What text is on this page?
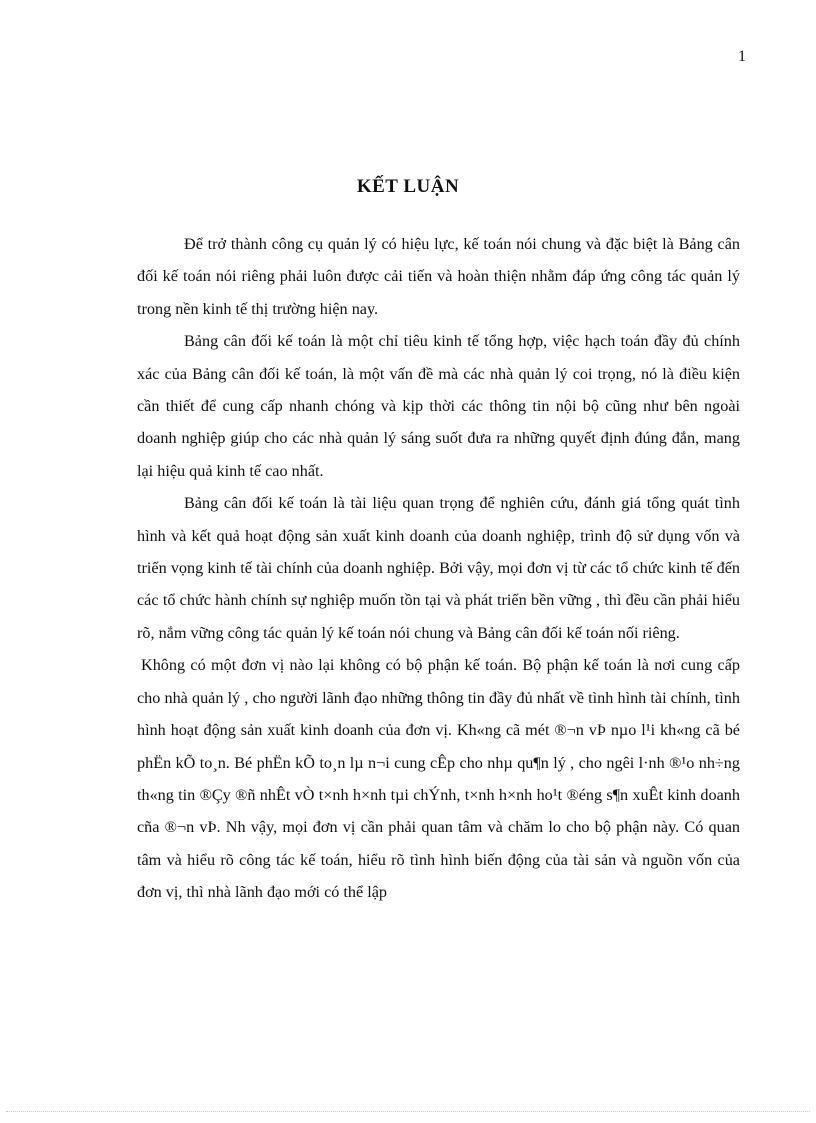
1
KẾT LUẬN

Để trở thành công cụ quản lý có hiệu lực, kế toán nói chung và đặc biệt là Bảng cân đối kế toán nói riêng phải luôn được cải tiến và hoàn thiện nhằm đáp ứng công tác quản lý trong nền kinh tế thị trường hiện nay.

Bảng cân đối kế toán là một chỉ tiêu kinh tế tổng hợp, việc hạch toán đầy đủ chính xác của Bảng cân đối kế toán, là một vấn đề mà các nhà quản lý coi trọng, nó là điều kiện cần thiết để cung cấp nhanh chóng và kịp thời các thông tin nội bộ cũng như bên ngoài doanh nghiệp giúp cho các nhà quản lý sáng suốt đưa ra những quyết định đúng đắn, mang lại hiệu quả kinh tế cao nhất.

Bảng cân đối kế toán là tài liệu quan trọng để nghiên cứu, đánh giá tổng quát tình hình và kết quả hoạt động sản xuất kinh doanh của doanh nghiệp, trình độ sử dụng vốn và triển vọng kinh tế tài chính của doanh nghiệp. Bởi vậy, mọi đơn vị từ các tổ chức kinh tế đến các tổ chức hành chính sự nghiệp muốn tồn tại và phát triển bền vững , thì đều cần phải hiểu rõ, nắm vững công tác quản lý kế toán nói chung và Bảng cân đối kế toán nối riêng.

Không có một đơn vị nào lại không có bộ phận kế toán. Bộ phận kế toán là nơi cung cấp cho nhà quản lý , cho người lãnh đạo những thông tin đầy đủ nhất về tình hình tài chính, tình hình hoạt động sản xuất kinh doanh của đơn vị. Kh«ng cã mét ®¬n vÞ nµo l¹i kh«ng cã bé phËn kÕ to¸n. Bé phËn kÕ to¸n lµ n¬i cung cÊp cho nhµ qu¶n lý , cho ngêi l·nh ®¹o nh÷ng th«ng tin ®Çy ®ñ nhÊt vÒ t×nh h×nh tµi chÝnh, t×nh h×nh ho¹t ®éng s¶n xuÊt kinh doanh cña ®¬n vÞ. Nh vậy, mọi đơn vị cần phải quan tâm và chăm lo cho bộ phận này. Có quan tâm và hiểu rõ công tác kế toán, hiểu rõ tình hình biến động của tài sản và nguồn vốn của đơn vị, thì nhà lãnh đạo mới có thể lập
